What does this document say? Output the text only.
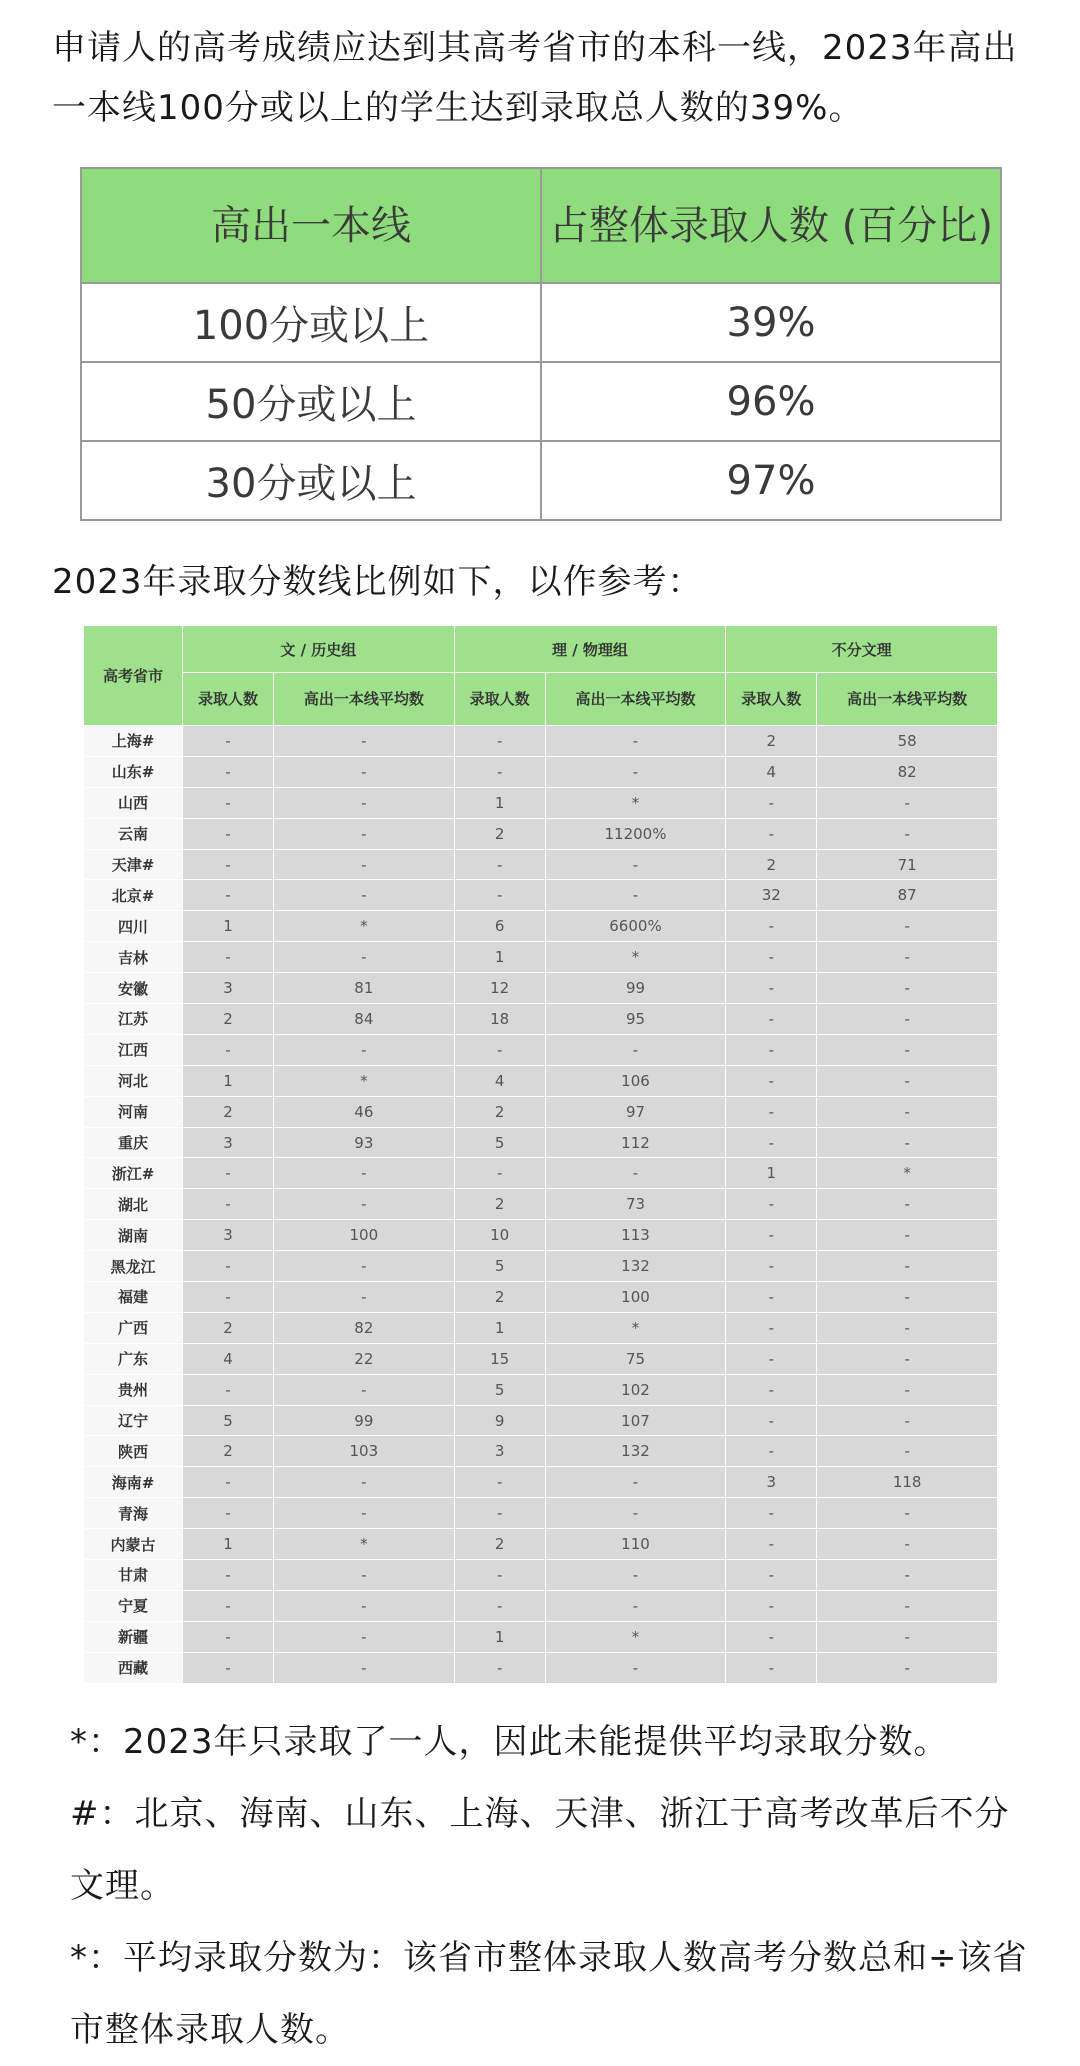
申请人的高考成绩应达到其高考省市的本科一线，2023年高出一本线100分或以上的学生达到录取总人数的39%。
高出一本线	占整体录取人数 (百分比)
100分或以上	39%
50分或以上	96%
30分或以上	97%
2023年录取分数线比例如下，以作参考：
高考省市	文 / 历史组		理 / 物理组		不分文理	
	录取人数	高出一本线平均数	录取人数	高出一本线平均数	录取人数	高出一本线平均数
上海#	-	-	-	-	2	58
山东#	-	-	-	-	4	82
山西	-	-	1	*	-	-
云南	-	-	2	11200%	-	-
天津#	-	-	-	-	2	71
北京#	-	-	-	-	32	87
四川	1	*	6	6600%	-	-
吉林	-	-	1	*	-	-
安徽	3	81	12	99	-	-
江苏	2	84	18	95	-	-
江西	-	-	-	-	-	-
河北	1	*	4	106	-	-
河南	2	46	2	97	-	-
重庆	3	93	5	112	-	-
浙江#	-	-	-	-	1	*
湖北	-	-	2	73	-	-
湖南	3	100	10	113	-	-
黑龙江	-	-	5	132	-	-
福建	-	-	2	100	-	-
广西	2	82	1	*	-	-
广东	4	22	15	75	-	-
贵州	-	-	5	102	-	-
辽宁	5	99	9	107	-	-
陕西	2	103	3	132	-	-
海南#	-	-	-	-	3	118
青海	-	-	-	-	-	-
内蒙古	1	*	2	110	-	-
甘肃	-	-	-	-	-	-
宁夏	-	-	-	-	-	-
新疆	-	-	1	*	-	-
西藏	-	-	-	-	-	-

*：2023年只录取了一人，因此未能提供平均录取分数。

#：北京、海南、山东、上海、天津、浙江于高考改革后不分文理。

*：平均录取分数为：该省市整体录取人数高考分数总和÷该省市整体录取人数。
